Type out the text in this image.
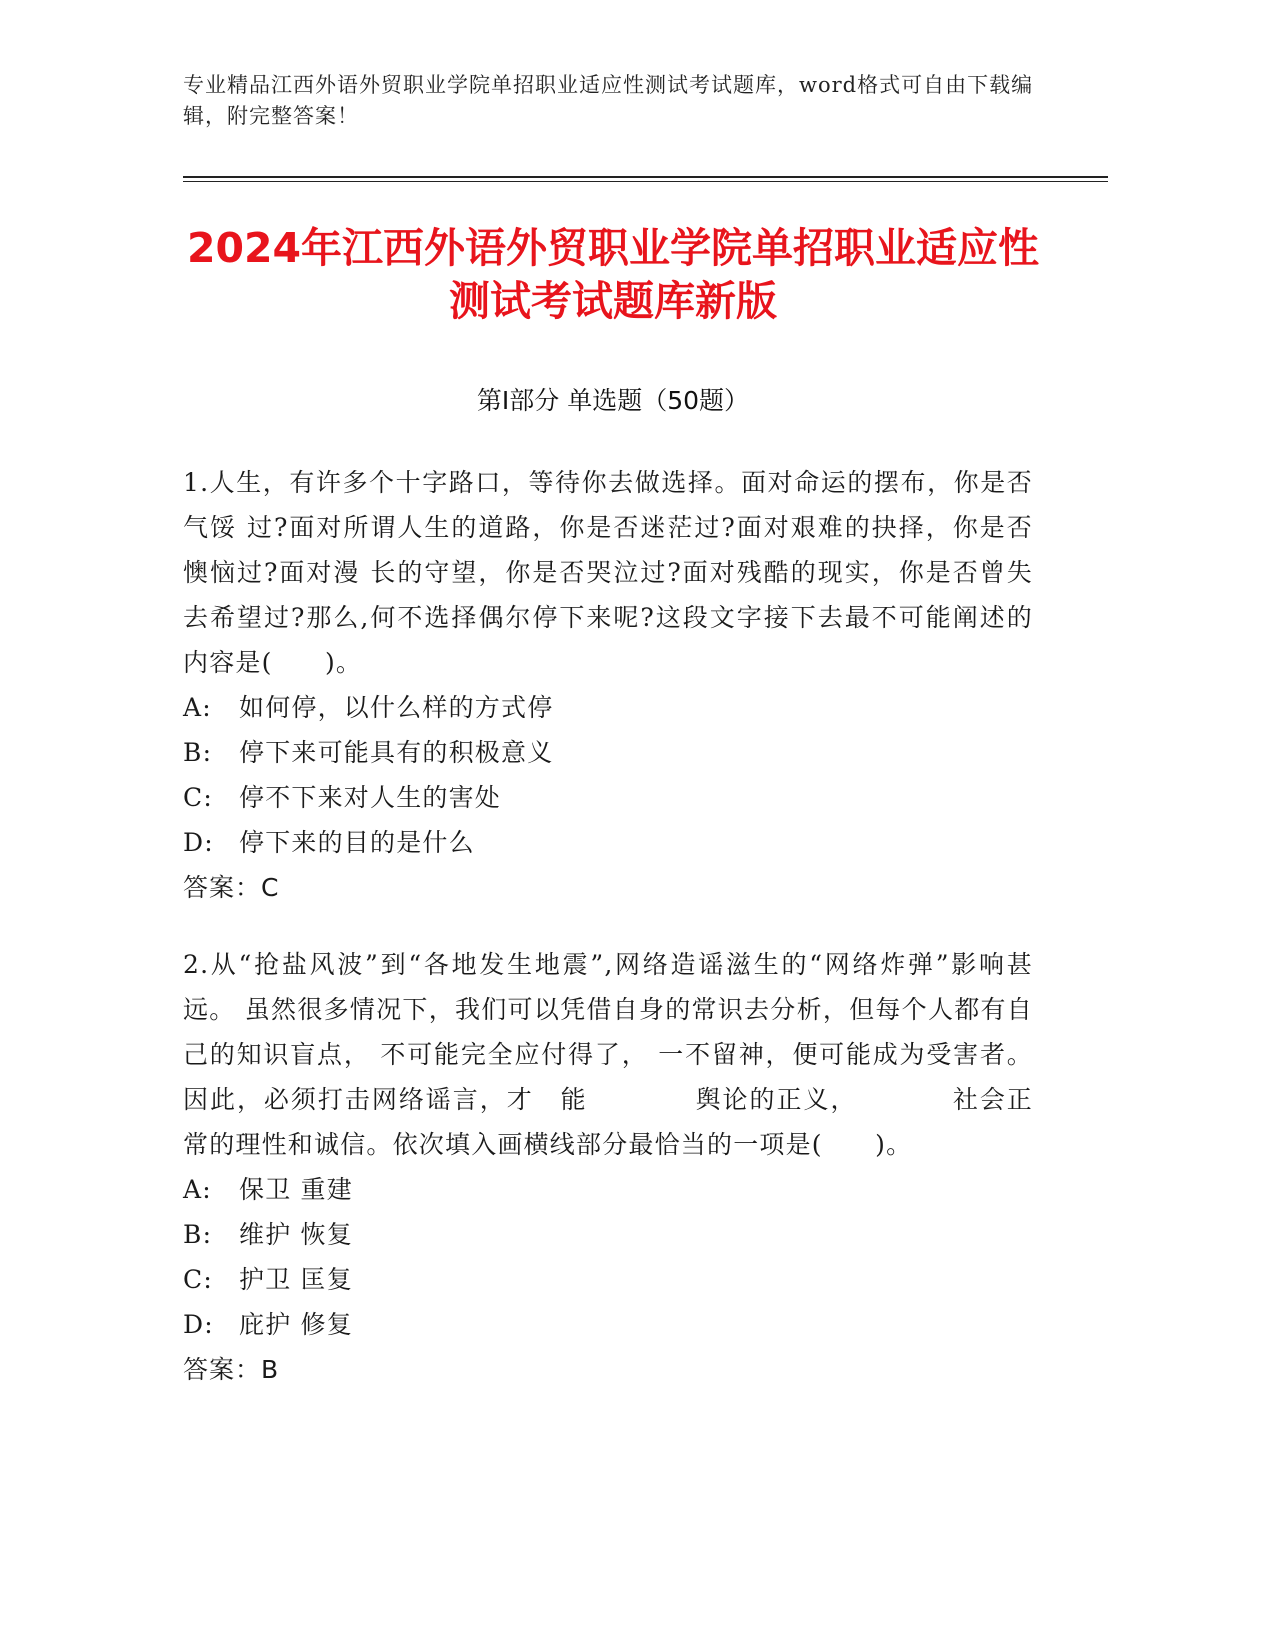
专业精品江西外语外贸职业学院单招职业适应性测试考试题库，word格式可自由下载编辑，附完整答案！
2024年江西外语外贸职业学院单招职业适应性测试考试题库新版
第Ⅰ部分 单选题（50题）

1.人生，有许多个十字路口，等待你去做选择。面对命运的摆布，你是否气馁 过?面对所谓人生的道路，你是否迷茫过?面对艰难的抉择，你是否懊恼过?面对漫 长的守望，你是否哭泣过?面对残酷的现实，你是否曾失去希望过?那么,何不选择偶尔停下来呢?这段文字接下去最不可能阐述的内容是(　　)。

A:	如何停，以什么样的方式停
B:	停下来可能具有的积极意义
C:	停不下来对人生的害处
D:	停下来的目的是什么
答案：C

2.从“抢盐风波”到“各地发生地震”,网络造谣滋生的“网络炸弹”影响甚远。 虽然很多情况下，我们可以凭借自身的常识去分析，但每个人都有自己的知识盲点， 不可能完全应付得了， 一不留神，便可能成为受害者。因此，必须打击网络谣言，才　能　　　　舆论的正义，　　　　社会正常的理性和诚信。依次填入画横线部分最恰当的一项是(　　)。

A:	保卫 重建
B:	维护 恢复
C:	护卫 匡复
D:	庇护 修复
答案：B
